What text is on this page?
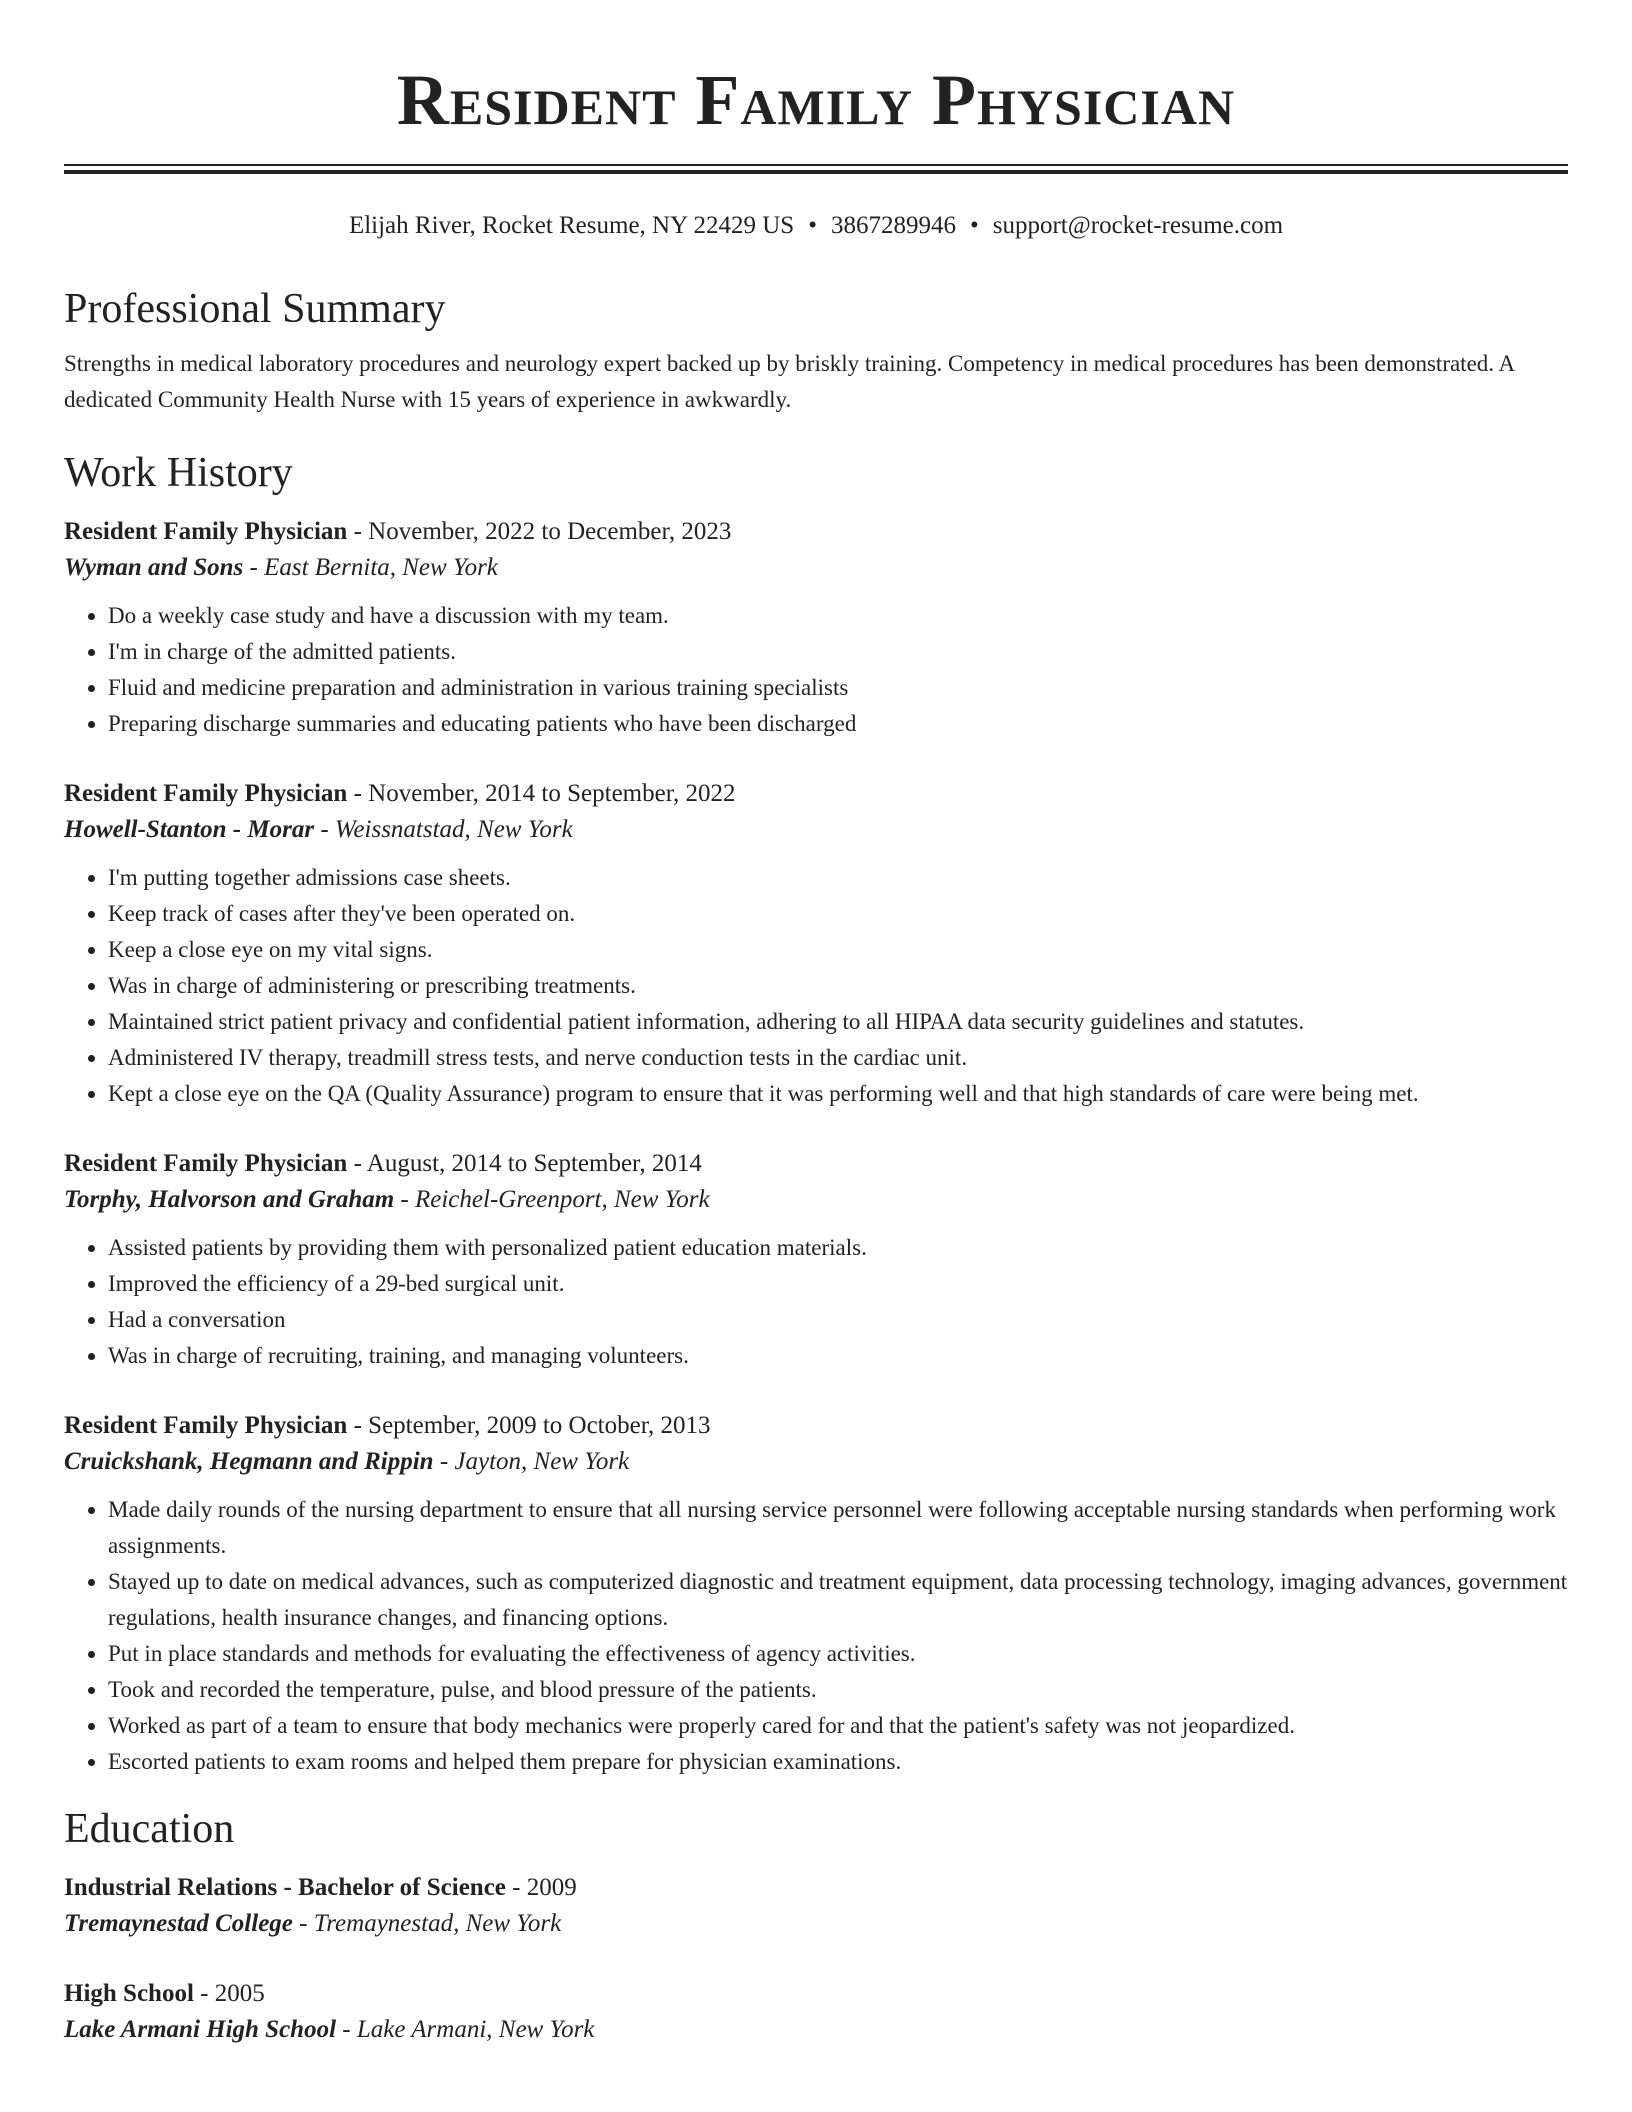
Resident Family Physician
Elijah River, Rocket Resume, NY 22429 US • 3867289946 • support@rocket-resume.com
Professional Summary

Strengths in medical laboratory procedures and neurology expert backed up by briskly training. Competency in medical procedures has been demonstrated. A dedicated Community Health Nurse with 15 years of experience in awkwardly.

Work History
Resident Family Physician - November, 2022 to December, 2023
Wyman and Sons - East Bernita, New York
• Do a weekly case study and have a discussion with my team.
• I'm in charge of the admitted patients.
• Fluid and medicine preparation and administration in various training specialists
• Preparing discharge summaries and educating patients who have been discharged
Resident Family Physician - November, 2014 to September, 2022
Howell-Stanton - Morar - Weissnatstad, New York
• I'm putting together admissions case sheets.
• Keep track of cases after they've been operated on.
• Keep a close eye on my vital signs.
• Was in charge of administering or prescribing treatments.
• Maintained strict patient privacy and confidential patient information, adhering to all HIPAA data security guidelines and statutes.
• Administered IV therapy, treadmill stress tests, and nerve conduction tests in the cardiac unit.
• Kept a close eye on the QA (Quality Assurance) program to ensure that it was performing well and that high standards of care were being met.
Resident Family Physician - August, 2014 to September, 2014
Torphy, Halvorson and Graham - Reichel-Greenport, New York
• Assisted patients by providing them with personalized patient education materials.
• Improved the efficiency of a 29-bed surgical unit.
• Had a conversation
• Was in charge of recruiting, training, and managing volunteers.
Resident Family Physician - September, 2009 to October, 2013
Cruickshank, Hegmann and Rippin - Jayton, New York
• Made daily rounds of the nursing department to ensure that all nursing service personnel were following acceptable nursing standards when performing work assignments.
• Stayed up to date on medical advances, such as computerized diagnostic and treatment equipment, data processing technology, imaging advances, government regulations, health insurance changes, and financing options.
• Put in place standards and methods for evaluating the effectiveness of agency activities.
• Took and recorded the temperature, pulse, and blood pressure of the patients.
• Worked as part of a team to ensure that body mechanics were properly cared for and that the patient's safety was not jeopardized.
• Escorted patients to exam rooms and helped them prepare for physician examinations.
Education
Industrial Relations - Bachelor of Science - 2009
Tremaynestad College - Tremaynestad, New York
High School - 2005
Lake Armani High School - Lake Armani, New York
